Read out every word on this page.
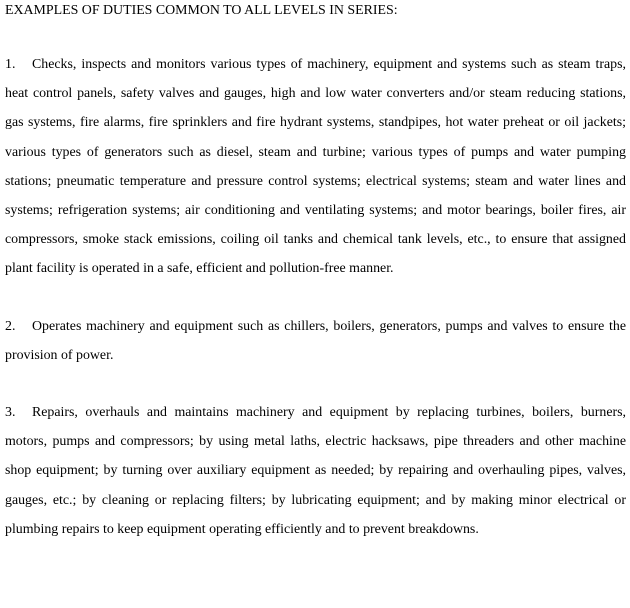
EXAMPLES OF DUTIES COMMON TO ALL LEVELS IN SERIES:

1. Checks, inspects and monitors various types of machinery, equipment and systems such as steam traps, heat control panels, safety valves and gauges, high and low water converters and/or steam reducing stations, gas systems, fire alarms, fire sprinklers and fire hydrant systems, standpipes, hot water preheat or oil jackets; various types of generators such as diesel, steam and turbine; various types of pumps and water pumping stations; pneumatic temperature and pressure control systems; electrical systems; steam and water lines and systems; refrigeration systems; air conditioning and ventilating systems; and motor bearings, boiler fires, air compressors, smoke stack emissions, coiling oil tanks and chemical tank levels, etc., to ensure that assigned plant facility is operated in a safe, efficient and pollution-free manner.

2. Operates machinery and equipment such as chillers, boilers, generators, pumps and valves to ensure the provision of power.

3. Repairs, overhauls and maintains machinery and equipment by replacing turbines, boilers, burners, motors, pumps and compressors; by using metal laths, electric hacksaws, pipe threaders and other machine shop equipment; by turning over auxiliary equipment as needed; by repairing and overhauling pipes, valves, gauges, etc.; by cleaning or replacing filters; by lubricating equipment; and by making minor electrical or plumbing repairs to keep equipment operating efficiently and to prevent breakdowns.
